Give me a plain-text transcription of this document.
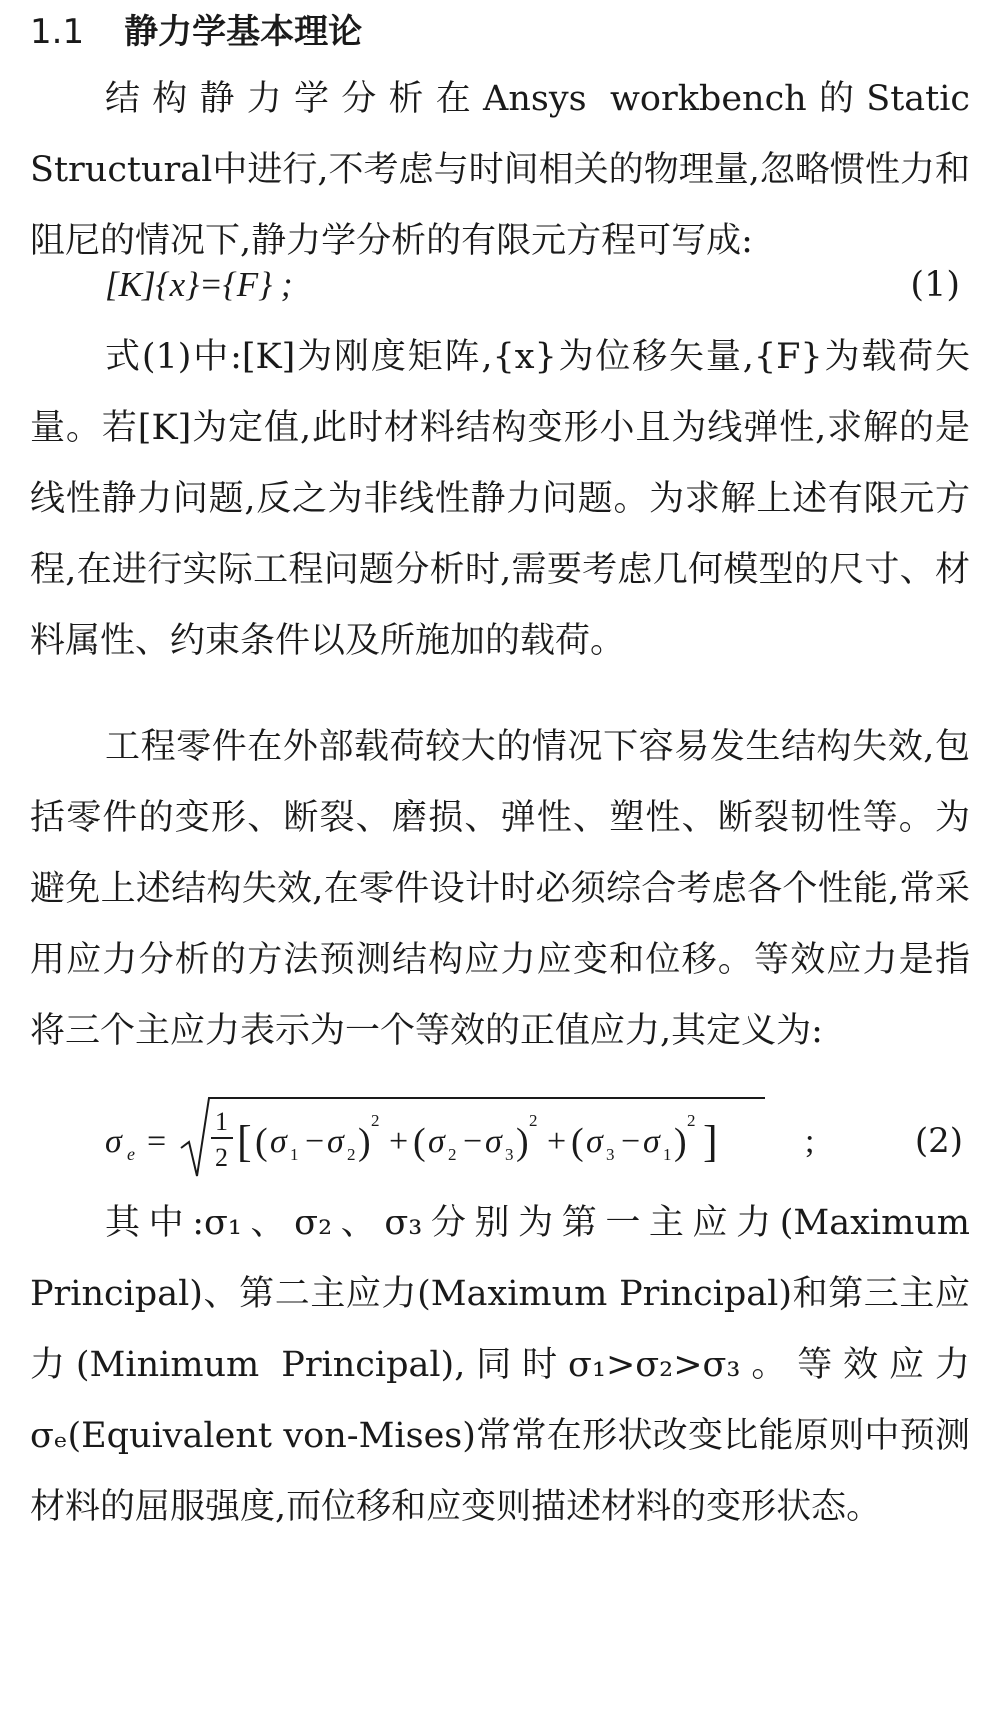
1.1 静力学基本理论
结构静力学分析在Ansys workbench的Static Structural中进行,不考虑与时间相关的物理量,忽略惯性力和阻尼的情况下,静力学分析的有限元方程可写成:
[K]{x}={F} ;	(1)
式(1)中:[K]为刚度矩阵,{x}为位移矢量,{F}为载荷矢量。若[K]为定值,此时材料结构变形小且为线弹性,求解的是线性静力问题,反之为非线性静力问题。为求解上述有限元方程,在进行实际工程问题分析时,需要考虑几何模型的尺寸、材料属性、约束条件以及所施加的载荷。
工程零件在外部载荷较大的情况下容易发生结构失效,包括零件的变形、断裂、磨损、弹性、塑性、断裂韧性等。为避免上述结构失效,在零件设计时必须综合考虑各个性能,常采用应力分析的方法预测结构应力应变和位移。等效应力是指将三个主应力表示为一个等效的正值应力,其定义为:
σ e =
1
2 [ ( σ 1 − σ 2 )
2
+ ( σ 2 − σ 3 )
2
+ ( σ 3 − σ 1 )
2 ]	;	(2)
其中:σ₁、σ₂、σ₃分别为第一主应力(Maximum Principal)、第二主应力(Maximum Principal)和第三主应力(Minimum Principal),同时σ₁>σ₂>σ₃。等效应力σₑ(Equivalent von-Mises)常常在形状改变比能原则中预测材料的屈服强度,而位移和应变则描述材料的变形状态。
